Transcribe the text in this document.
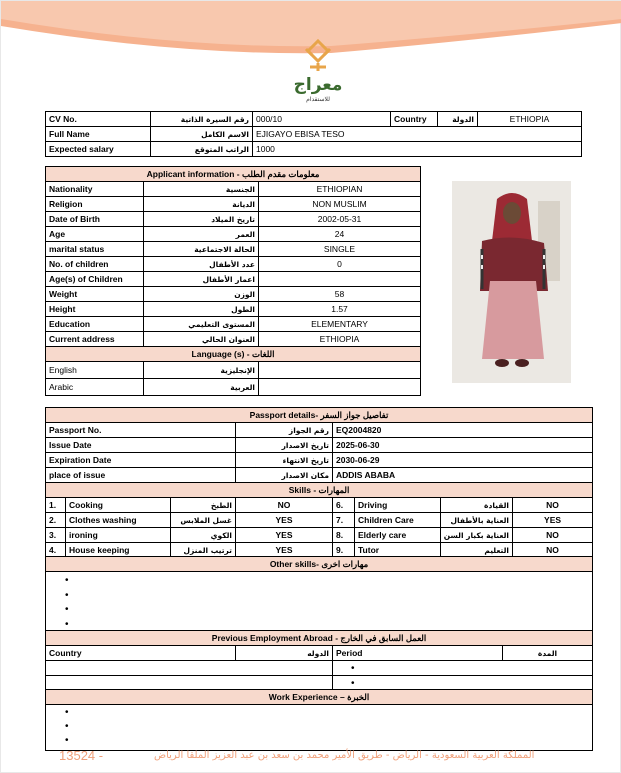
معراج
للاستقدام
CV No.	رقم السيرة الذاتية	000/10	Country	الدولة	ETHIOPIA
Full Name	الاسم الكامل	EJIGAYO EBISA TESO			
Expected salary	الراتب المتوقع	1000			
Applicant information - معلومات مقدم الطلب		
Nationality	الجنسية	ETHIOPIAN
Religion	الديانة	NON MUSLIM
Date of Birth	تاريخ الميلاد	2002-05-31
Age	العمر	24
marital status	الحالة الاجتماعية	SINGLE
No. of children	عدد الأطفال	0
Age(s) of Children	اعمار الأطفال	
Weight	الوزن	58
Height	الطول	1.57
Education	المستوى التعليمي	ELEMENTARY
Current address	العنوان الحالي	ETHIOPIA
Language (s) - اللغات		
English	الإنجليزية	
Arabic	العربية	
Passport details- تفاصيل جواز السفر		
Passport No.	رقم الجواز	EQ2004820
Issue Date	تاريخ الاصدار	2025-06-30
Expiration Date	تاريخ الانتهاء	2030-06-29
place of issue	مكان الاصدار	ADDIS ABABA
Skills - المهارات							
1.	Cooking	الطبخ	NO	6.	Driving	القيادة	NO
2.	Clothes washing	غسل الملابس	YES	7.	Children Care	العناية بالأطفال	YES
3.	ironing	الكوي	YES	8.	Elderly care	العناية بكبار السن	NO
4.	House keeping	ترتيب المنزل	YES	9.	Tutor	التعليم	NO
Other skills- مهارات اخرى

•
•
•
•
Previous Employment Abroad - العمل السابق في الخارج			
Country	الدوله	Period	المدة
		•	
		•	
Work Experience – الخبرة

•
•
•
13524 -	المملكة العربية السعودية - الرياض - طريق الأمير محمد بن سعد بن عبد العزيز الملقا الرياض
